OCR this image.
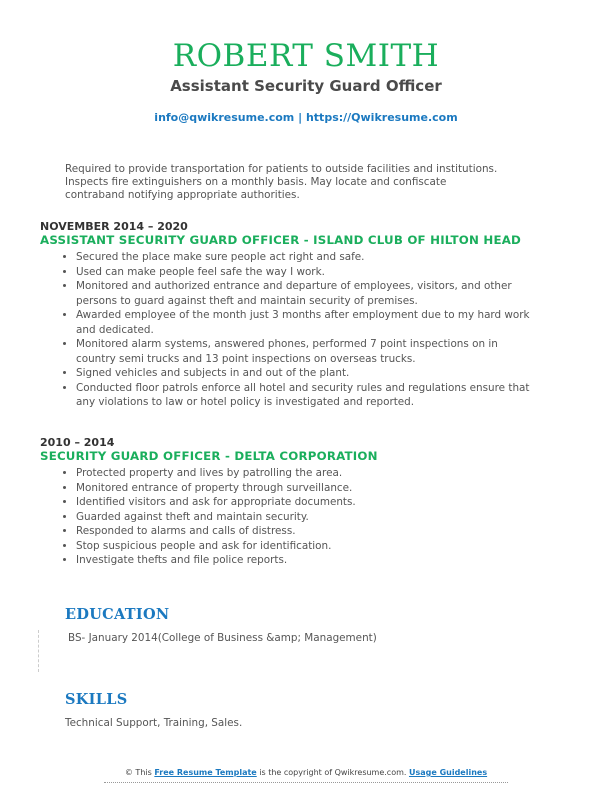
ROBERT SMITH
Assistant Security Guard Officer
info@qwikresume.com | https://Qwikresume.com
Required to provide transportation for patients to outside facilities and institutions. Inspects fire extinguishers on a monthly basis. May locate and confiscate contraband notifying appropriate authorities.
NOVEMBER 2014 – 2020
ASSISTANT SECURITY GUARD OFFICER - ISLAND CLUB OF HILTON HEAD
• Secured the place make sure people act right and safe.
• Used can make people feel safe the way I work.
• Monitored and authorized entrance and departure of employees, visitors, and other persons to guard against theft and maintain security of premises.
• Awarded employee of the month just 3 months after employment due to my hard work and dedicated.
• Monitored alarm systems, answered phones, performed 7 point inspections on in country semi trucks and 13 point inspections on overseas trucks.
• Signed vehicles and subjects in and out of the plant.
• Conducted floor patrols enforce all hotel and security rules and regulations ensure that any violations to law or hotel policy is investigated and reported.
2010 – 2014
SECURITY GUARD OFFICER - DELTA CORPORATION
• Protected property and lives by patrolling the area.
• Monitored entrance of property through surveillance.
• Identified visitors and ask for appropriate documents.
• Guarded against theft and maintain security.
• Responded to alarms and calls of distress.
• Stop suspicious people and ask for identification.
• Investigate thefts and file police reports.
EDUCATION
BS- January 2014(College of Business &amp; Management)
SKILLS
Technical Support, Training, Sales.
© This Free Resume Template is the copyright of Qwikresume.com. Usage Guidelines
